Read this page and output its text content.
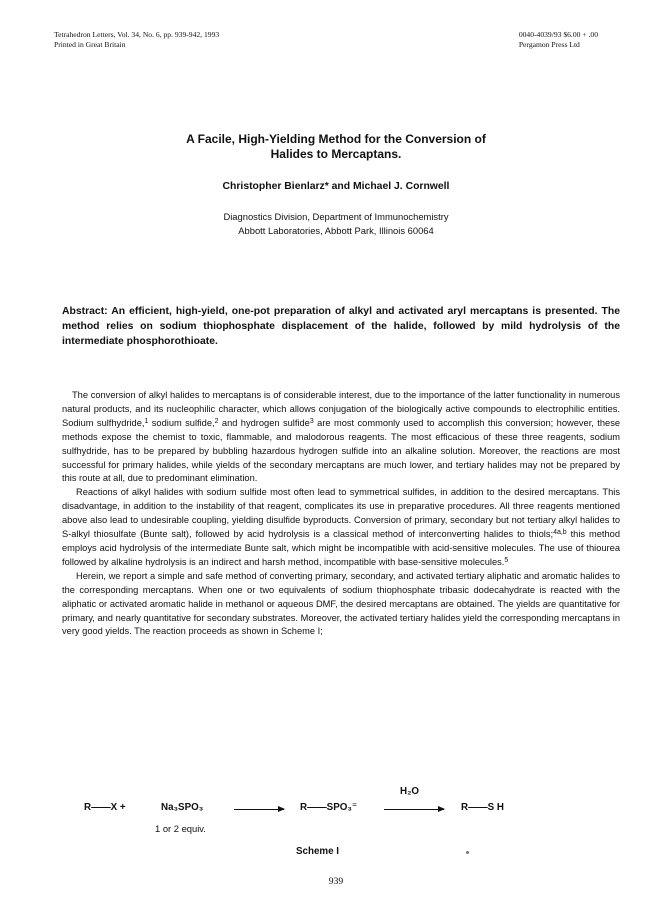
Tetrahedron Letters, Vol. 34, No. 6, pp. 939-942, 1993
Printed in Great Britain
0040-4039/93 $6.00 + .00
Pergamon Press Ltd
A Facile, High-Yielding Method for the Conversion of
Halides to Mercaptans.
Christopher Bienlarz* and Michael J. Cornwell
Diagnostics Division, Department of Immunochemistry
Abbott Laboratories, Abbott Park, Illinois 60064
Abstract: An efficient, high-yield, one-pot preparation of alkyl and activated aryl mercaptans is presented. The method relies on sodium thiophosphate displacement of the halide, followed by mild hydrolysis of the intermediate phosphorothioate.

The conversion of alkyl halides to mercaptans is of considerable interest, due to the importance of the latter functionality in numerous natural products, and its nucleophilic character, which allows conjugation of the biologically active compounds to electrophilic entities. Sodium sulfhydride,$^1$ sodium sulfide,$^2$ and hydrogen sulfide$^3$ are most commonly used to accomplish this conversion; however, these methods expose the chemist to toxic, flammable, and malodorous reagents. The most efficacious of these three reagents, sodium sulfhydride, has to be prepared by bubbling hazardous hydrogen sulfide into an alkaline solution. Moreover, the reactions are most successful for primary halides, while yields of the secondary mercaptans are much lower, and tertiary halides may not be prepared by this route at all, due to predominant elimination.

Reactions of alkyl halides with sodium sulfide most often lead to symmetrical sulfides, in addition to the desired mercaptans. This disadvantage, in addition to the instability of that reagent, complicates its use in preparative procedures. All three reagents mentioned above also lead to undesirable coupling, yielding disulfide byproducts. Conversion of primary, secondary but not tertiary alkyl halides to S-alkyl thiosulfate (Bunte salt), followed by acid hydrolysis is a classical method of interconverting halides to thiols;$^{4a,b}$ this method employs acid hydrolysis of the intermediate Bunte salt, which might be incompatible with acid-sensitive molecules. The use of thiourea followed by alkaline hydrolysis is an indirect and harsh method, incompatible with base-sensitive molecules.$^5$

Herein, we report a simple and safe method of converting primary, secondary, and activated tertiary aliphatic and aromatic halides to the corresponding mercaptans. When one or two equivalents of sodium thiophosphate tribasic dodecahydrate is reacted with the aliphatic or activated aromatic halide in methanol or aqueous DMF, the desired mercaptans are obtained. The yields are quantitative for primary, and nearly quantitative for secondary substrates. Moreover, the activated tertiary halides yield the corresponding mercaptans in very good yields. The reaction proceeds as shown in Scheme I;

R——X +	Na₃SPO₃	R——SPO₃⁼
H₂O
R——S H
1 or 2 equiv.
Scheme I
939
